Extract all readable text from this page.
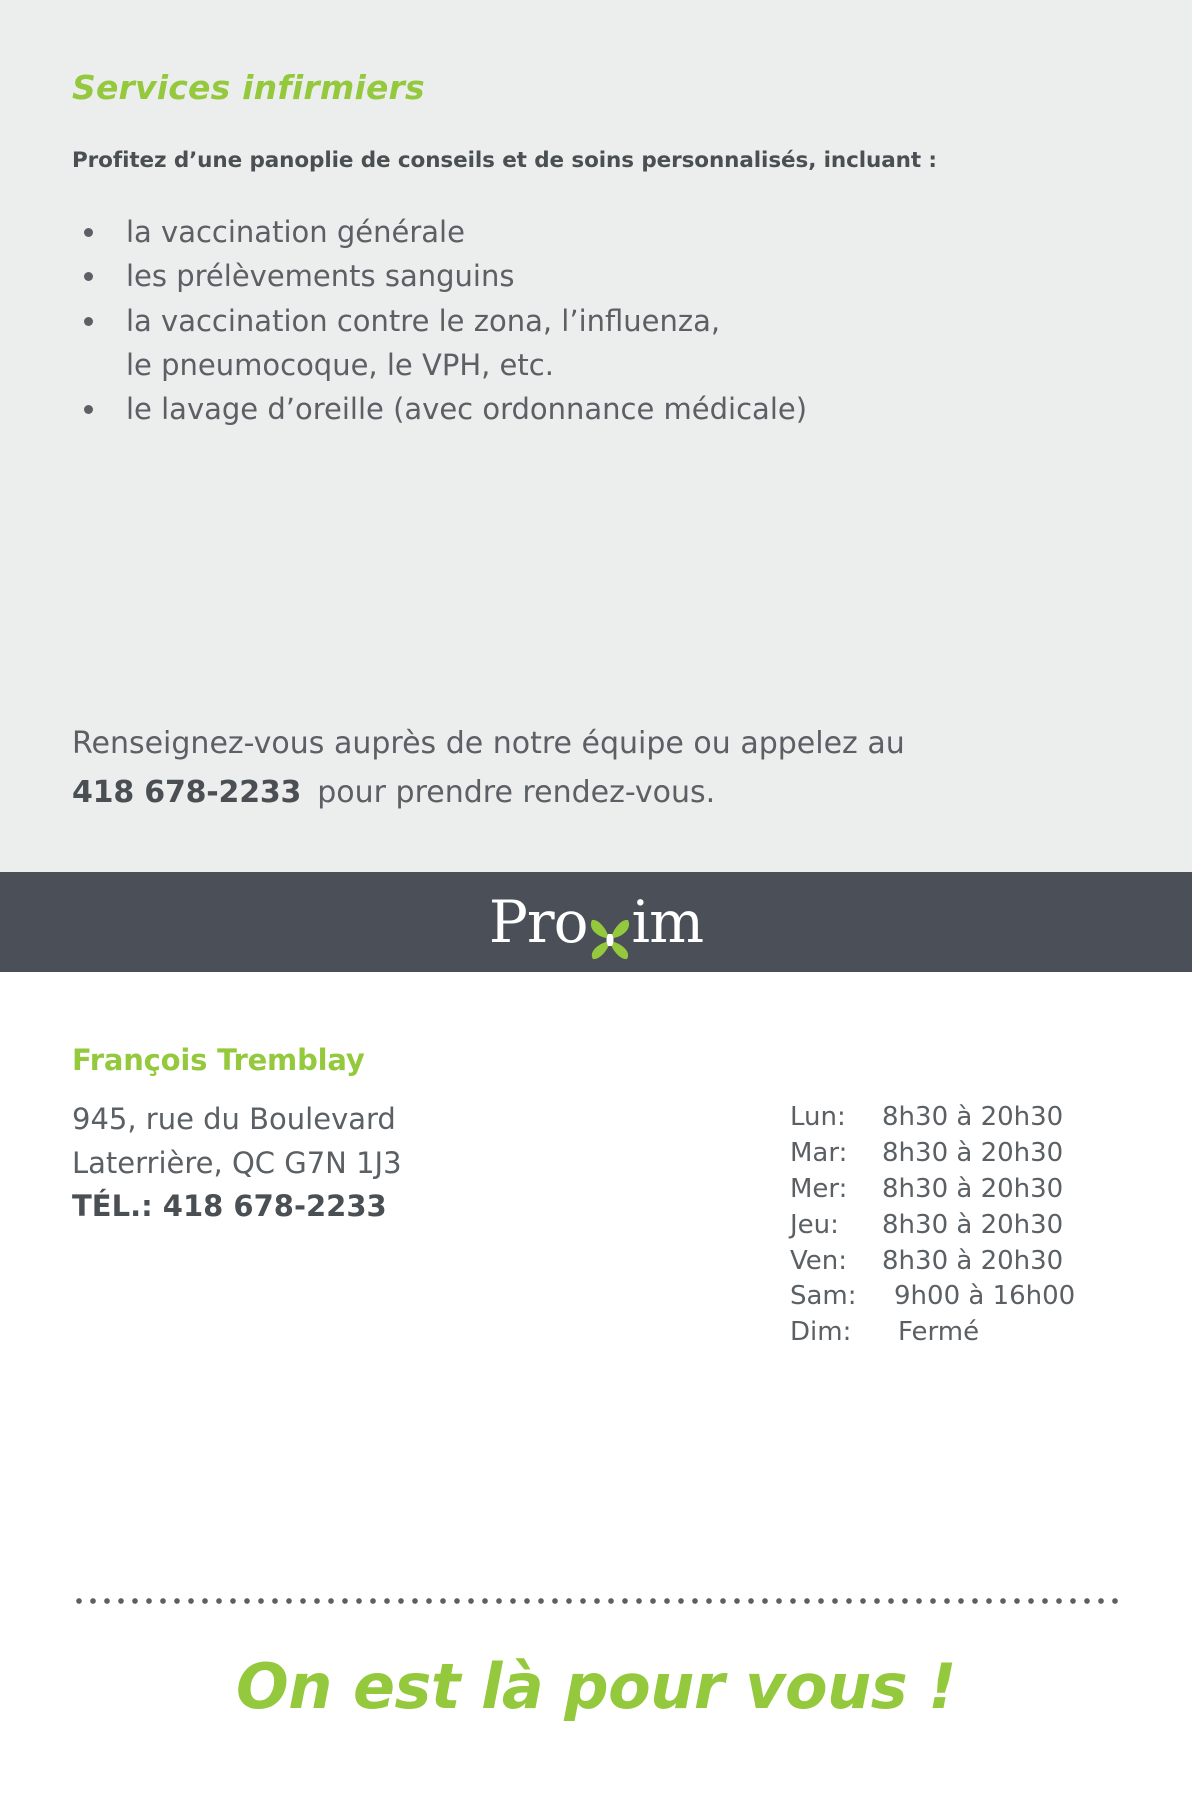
Services infirmiers
Profitez d’une panoplie de conseils et de soins personnalisés, incluant :
la vaccination générale
les prélèvements sanguins
la vaccination contre le zona, l’influenza,
le pneumocoque, le VPH, etc.
le lavage d’oreille (avec ordonnance médicale)
Renseignez-vous auprès de notre équipe ou appelez au
418 678-2233 pour prendre rendez-vous.
Pro im
François Tremblay
945, rue du Boulevard
Laterrière, QC G7N 1J3
TÉL.: 418 678-2233
Lun:	8h30 à 20h30
Mar:	8h30 à 20h30
Mer:	8h30 à 20h30
Jeu:	8h30 à 20h30
Ven:	8h30 à 20h30
Sam:	9h00 à 16h00
Dim:	Fermé
On est là pour vous !
